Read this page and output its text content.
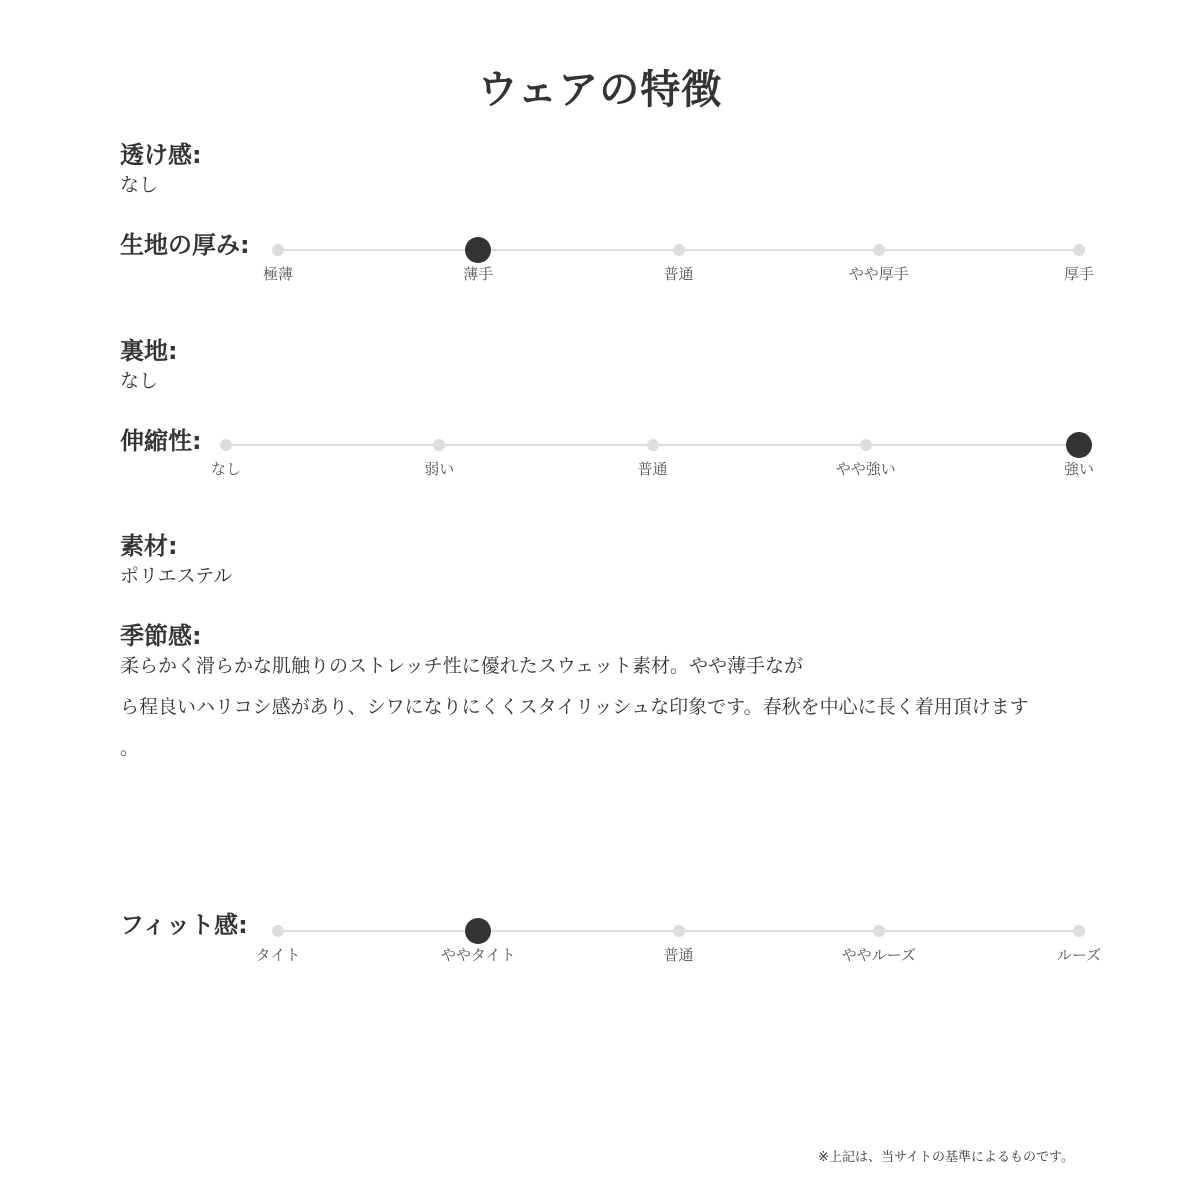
ウェアの特徴
透け感:
なし
生地の厚み:
極薄	薄手	普通	やや厚手	厚手
裏地:
なし
伸縮性:
なし	弱い	普通	やや強い	強い
素材:
ポリエステル
季節感:
柔らかく滑らかな肌触りのストレッチ性に優れたスウェット素材。やや薄手なが
ら程良いハリコシ感があり、シワになりにくくスタイリッシュな印象です。春秋を中心に長く着用頂けます
。
フィット感:
タイト	ややタイト	普通	ややルーズ	ルーズ
※上記は、当サイトの基準によるものです。
